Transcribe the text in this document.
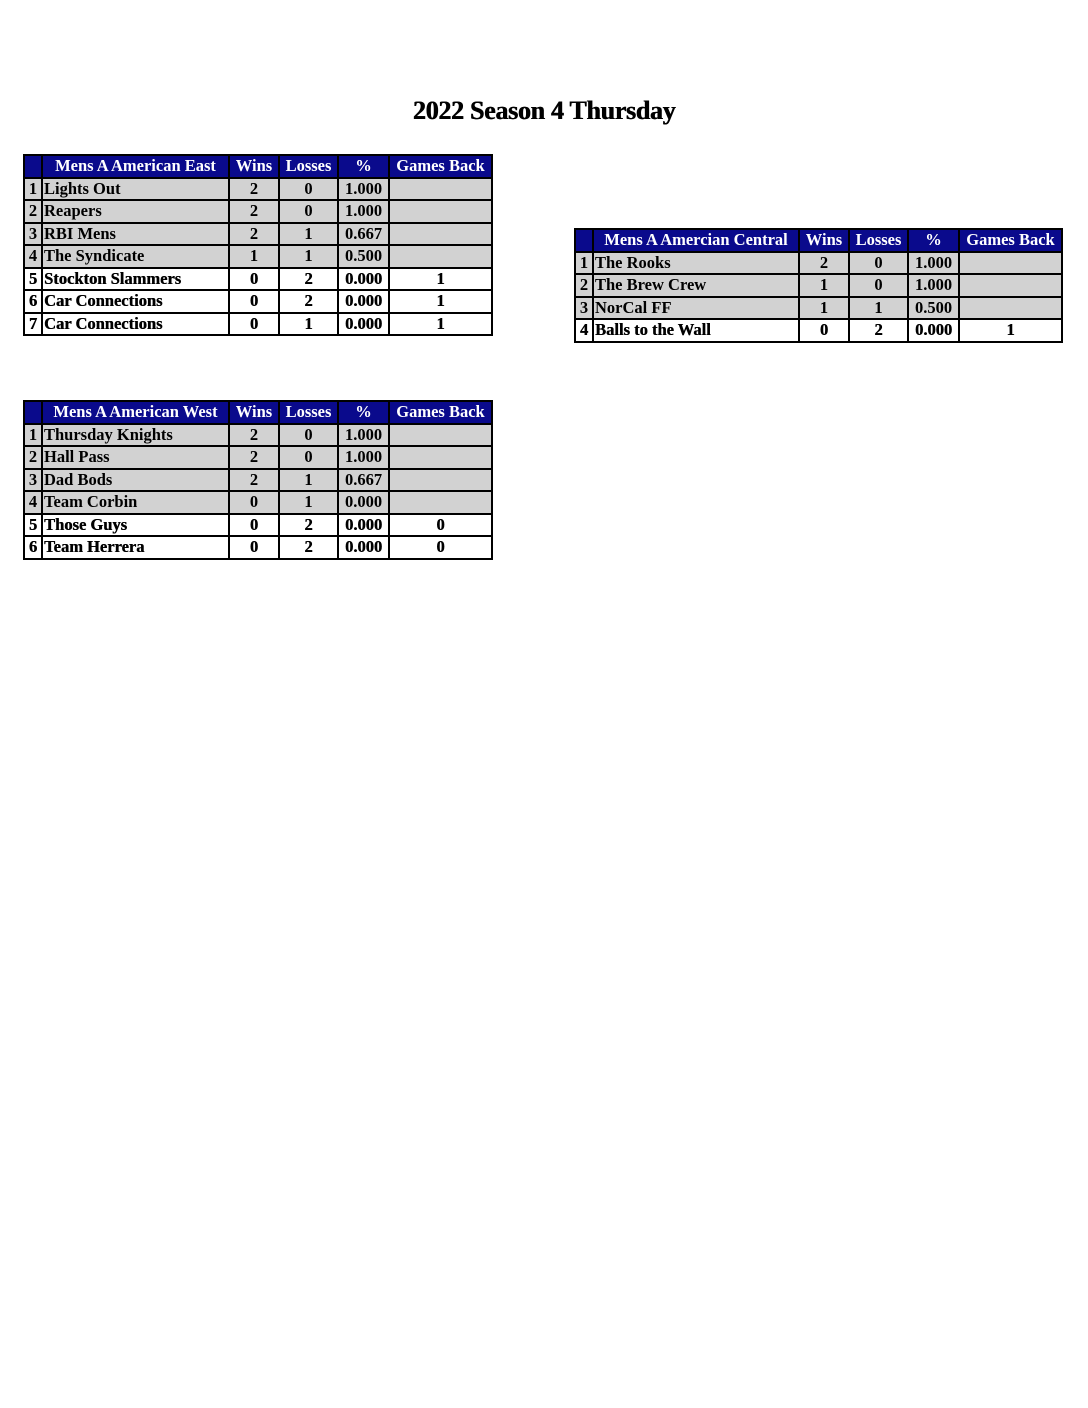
2022 Season 4 Thursday
	Mens A American East	Wins	Losses	%	Games Back
1	Lights Out	2	0	1.000	
2	Reapers	2	0	1.000	
3	RBI Mens	2	1	0.667	
4	The Syndicate	1	1	0.500	
5	Stockton Slammers	0	2	0.000	1
6	Car Connections	0	2	0.000	1
7	Car Connections	0	1	0.000	1
	Mens A Amercian Central	Wins	Losses	%	Games Back
1	The Rooks	2	0	1.000	
2	The Brew Crew	1	0	1.000	
3	NorCal FF	1	1	0.500	
4	Balls to the Wall	0	2	0.000	1
	Mens A American West	Wins	Losses	%	Games Back
1	Thursday Knights	2	0	1.000	
2	Hall Pass	2	0	1.000	
3	Dad Bods	2	1	0.667	
4	Team Corbin	0	1	0.000	
5	Those Guys	0	2	0.000	0
6	Team Herrera	0	2	0.000	0
